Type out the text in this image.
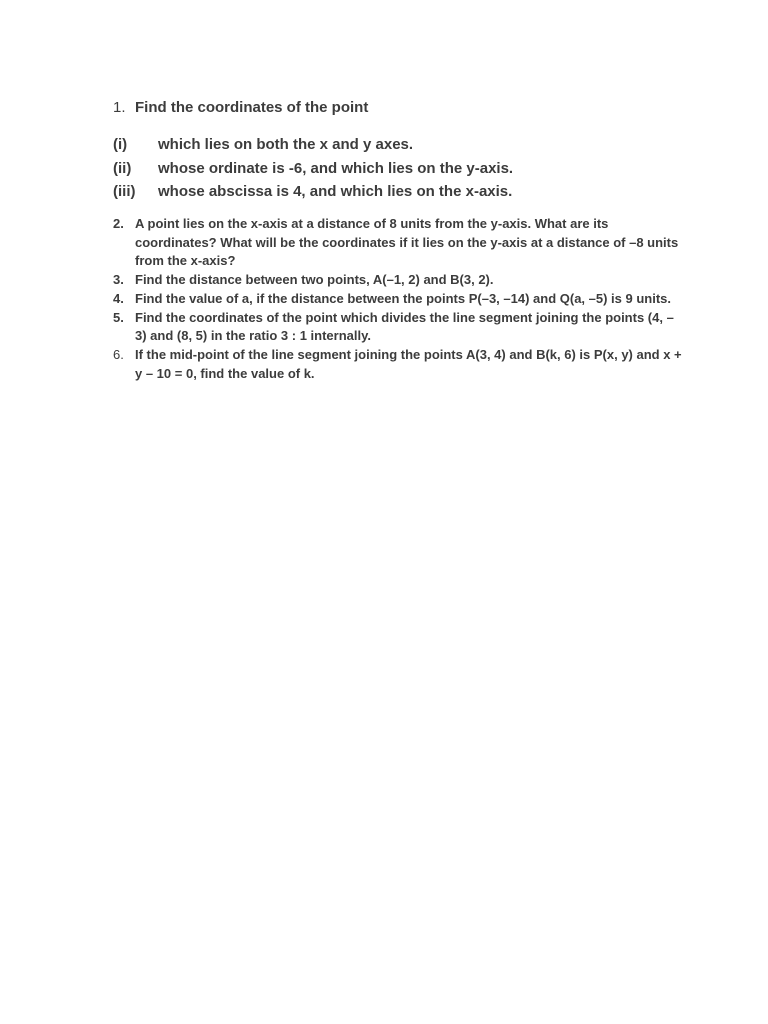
1. Find the coordinates of the point
(i)	which lies on both the x and y axes.
(ii)	whose ordinate is -6, and which lies on the y-axis.
(iii)	whose abscissa is 4, and which lies on the x-axis.
2. A point lies on the x-axis at a distance of 8 units from the y-axis. What are its coordinates? What will be the coordinates if it lies on the y-axis at a distance of –8 units from the x-axis?
3. Find the distance between two points, A(–1, 2) and B(3, 2).
4. Find the value of a, if the distance between the points P(–3, –14) and Q(a, –5) is 9 units.
5. Find the coordinates of the point which divides the line segment joining the points (4, – 3) and (8, 5) in the ratio 3 : 1 internally.
6. If the mid-point of the line segment joining the points A(3, 4) and B(k, 6) is P(x, y) and x + y – 10 = 0, find the value of k.
